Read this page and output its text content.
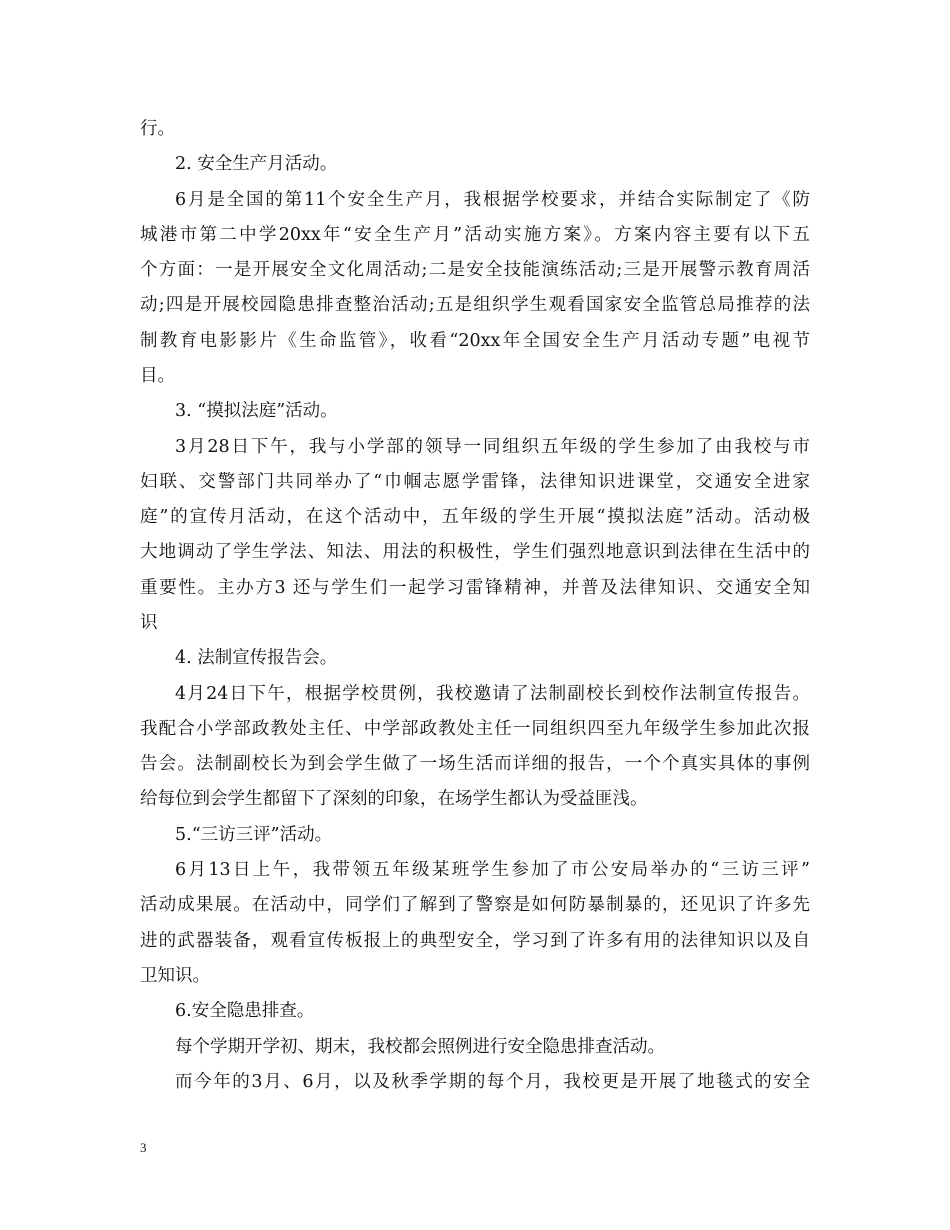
行。
2. 安全生产月活动。
6月是全国的第11个安全生产月，我根据学校要求，并结合实际制定了《防
城港市第二中学20xx年“安全生产月”活动实施方案》。方案内容主要有以下五
个方面：一是开展安全文化周活动;二是安全技能演练活动;三是开展警示教育周活
动;四是开展校园隐患排查整治活动;五是组织学生观看国家安全监管总局推荐的法
制教育电影影片《生命监管》，收看“20xx年全国安全生产月活动专题”电视节
目。
3. “摸拟法庭”活动。
3月28日下午，我与小学部的领导一同组织五年级的学生参加了由我校与市
妇联、交警部门共同举办了“巾帼志愿学雷锋，法律知识进课堂，交通安全进家
庭”的宣传月活动，在这个活动中，五年级的学生开展“摸拟法庭”活动。活动极
大地调动了学生学法、知法、用法的积极性，学生们强烈地意识到法律在生活中的
重要性。主办方3 还与学生们一起学习雷锋精神，并普及法律知识、交通安全知
识
4. 法制宣传报告会。
4月24日下午，根据学校贯例，我校邀请了法制副校长到校作法制宣传报告。
我配合小学部政教处主任、中学部政教处主任一同组织四至九年级学生参加此次报
告会。法制副校长为到会学生做了一场生活而详细的报告，一个个真实具体的事例
给每位到会学生都留下了深刻的印象，在场学生都认为受益匪浅。
5.“三访三评”活动。
6月13日上午，我带领五年级某班学生参加了市公安局举办的“三访三评”
活动成果展。在活动中，同学们了解到了警察是如何防暴制暴的，还见识了许多先
进的武器装备，观看宣传板报上的典型安全，学习到了许多有用的法律知识以及自
卫知识。
6.安全隐患排查。
每个学期开学初、期末，我校都会照例进行安全隐患排查活动。
而今年的3月、6月，以及秋季学期的每个月，我校更是开展了地毯式的安全
3
